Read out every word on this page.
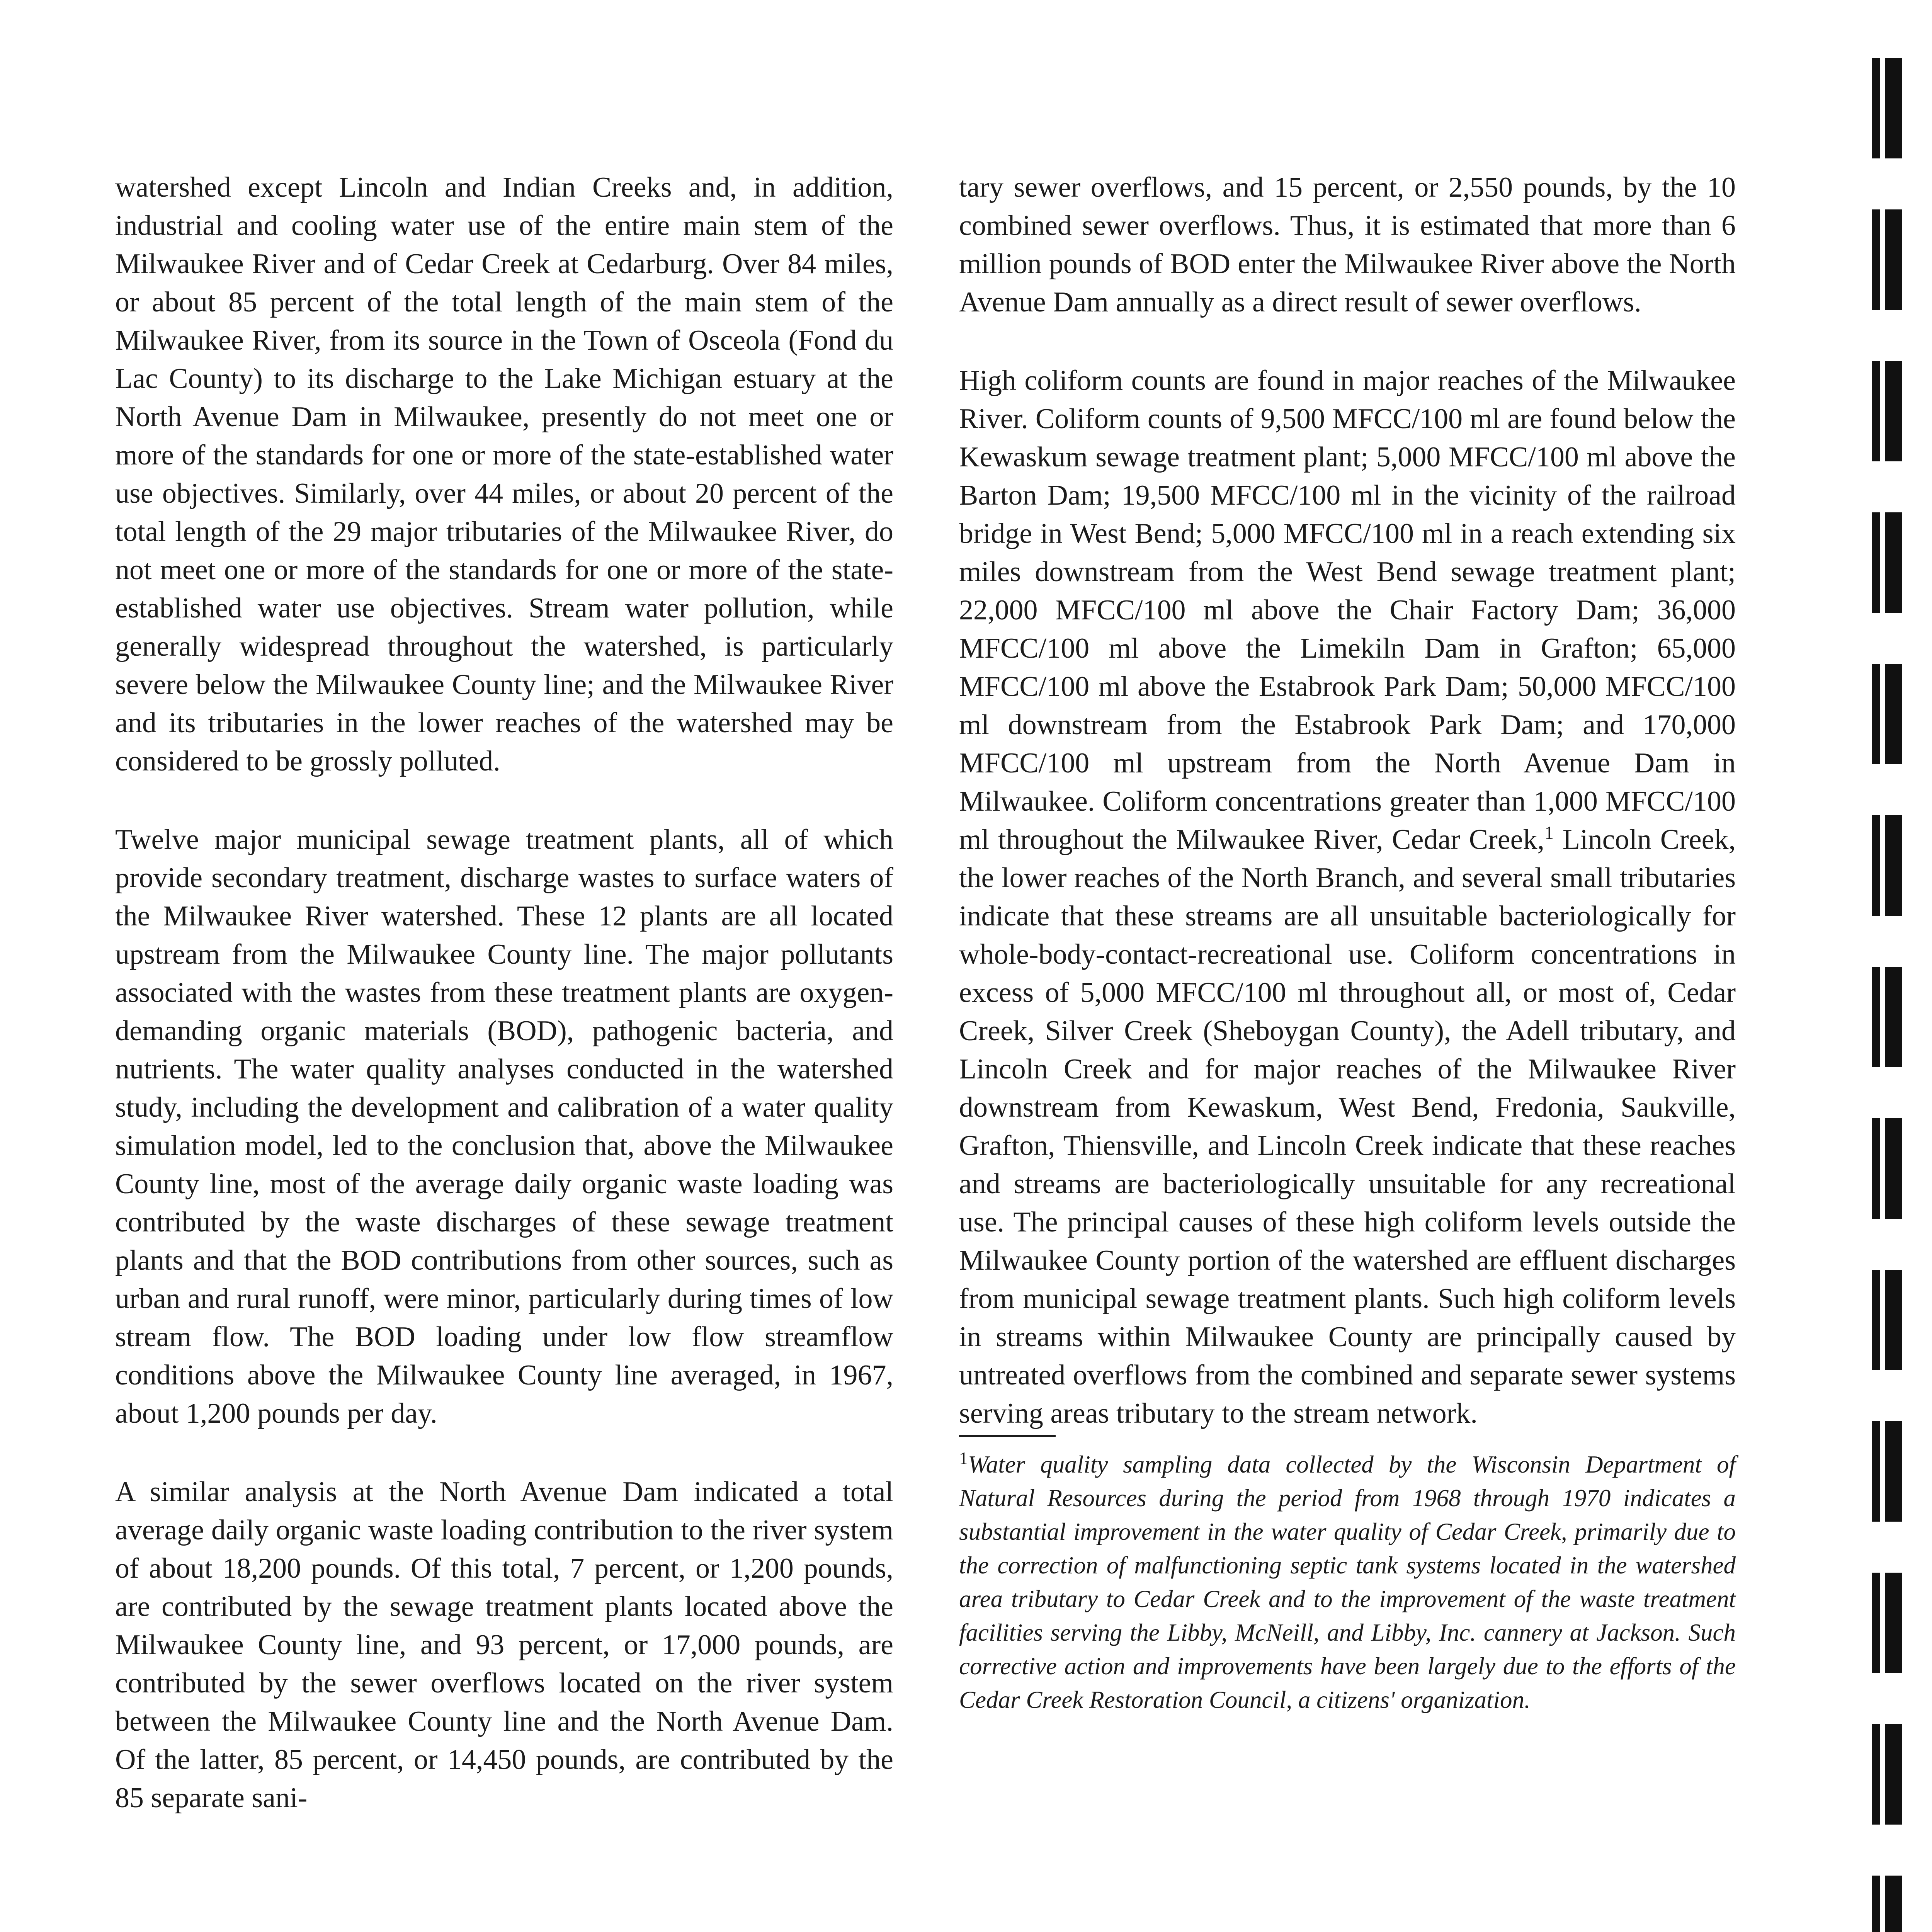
watershed except Lincoln and Indian Creeks and, in addition, industrial and cooling water use of the entire main stem of the Milwaukee River and of Cedar Creek at Cedarburg. Over 84 miles, or about 85 percent of the total length of the main stem of the Milwaukee River, from its source in the Town of Osceola (Fond du Lac County) to its discharge to the Lake Michigan estuary at the North Avenue Dam in Milwaukee, presently do not meet one or more of the standards for one or more of the state-established water use objectives. Similarly, over 44 miles, or about 20 percent of the total length of the 29 major tributaries of the Milwaukee River, do not meet one or more of the standards for one or more of the state-established water use objectives. Stream water pollution, while generally widespread throughout the watershed, is particularly severe below the Milwaukee County line; and the Milwaukee River and its tributaries in the lower reaches of the watershed may be considered to be grossly polluted.

Twelve major municipal sewage treatment plants, all of which provide secondary treatment, discharge wastes to surface waters of the Milwaukee River watershed. These 12 plants are all located upstream from the Milwaukee County line. The major pollutants associated with the wastes from these treatment plants are oxygen-demanding organic materials (BOD), pathogenic bacteria, and nutrients. The water quality analyses conducted in the watershed study, including the development and calibration of a water quality simulation model, led to the conclusion that, above the Milwaukee County line, most of the average daily organic waste loading was contributed by the waste discharges of these sewage treatment plants and that the BOD contributions from other sources, such as urban and rural runoff, were minor, particularly during times of low stream flow. The BOD loading under low flow streamflow conditions above the Milwaukee County line averaged, in 1967, about 1,200 pounds per day.

A similar analysis at the North Avenue Dam indicated a total average daily organic waste loading contribution to the river system of about 18,200 pounds. Of this total, 7 percent, or 1,200 pounds, are contributed by the sewage treatment plants located above the Milwaukee County line, and 93 percent, or 17,000 pounds, are contributed by the sewer overflows located on the river system between the Milwaukee County line and the North Avenue Dam. Of the latter, 85 percent, or 14,450 pounds, are contributed by the 85 separate sani-

tary sewer overflows, and 15 percent, or 2,550 pounds, by the 10 combined sewer overflows. Thus, it is estimated that more than 6 million pounds of BOD enter the Milwaukee River above the North Avenue Dam annually as a direct result of sewer overflows.

High coliform counts are found in major reaches of the Milwaukee River. Coliform counts of 9,500 MFCC/100 ml are found below the Kewaskum sewage treatment plant; 5,000 MFCC/100 ml above the Barton Dam; 19,500 MFCC/100 ml in the vicinity of the railroad bridge in West Bend; 5,000 MFCC/100 ml in a reach extending six miles downstream from the West Bend sewage treatment plant; 22,000 MFCC/100 ml above the Chair Factory Dam; 36,000 MFCC/100 ml above the Limekiln Dam in Grafton; 65,000 MFCC/100 ml above the Estabrook Park Dam; 50,000 MFCC/100 ml downstream from the Estabrook Park Dam; and 170,000 MFCC/100 ml upstream from the North Avenue Dam in Milwaukee. Coliform concentrations greater than 1,000 MFCC/100 ml throughout the Milwaukee River, Cedar Creek,$^1$ Lincoln Creek, the lower reaches of the North Branch, and several small tributaries indicate that these streams are all unsuitable bacteriologically for whole-body-contact-recreational use. Coliform concentrations in excess of 5,000 MFCC/100 ml throughout all, or most of, Cedar Creek, Silver Creek (Sheboygan County), the Adell tributary, and Lincoln Creek and for major reaches of the Milwaukee River downstream from Kewaskum, West Bend, Fredonia, Saukville, Grafton, Thiensville, and Lincoln Creek indicate that these reaches and streams are bacteriologically unsuitable for any recreational use. The principal causes of these high coliform levels outside the Milwaukee County portion of the watershed are effluent discharges from municipal sewage treatment plants. Such high coliform levels in streams within Milwaukee County are principally caused by untreated overflows from the combined and separate sewer systems serving areas tributary to the stream network.

$^1$Water quality sampling data collected by the Wisconsin Department of Natural Resources during the period from 1968 through 1970 indicates a substantial improvement in the water quality of Cedar Creek, primarily due to the correction of malfunctioning septic tank systems located in the watershed area tributary to Cedar Creek and to the improvement of the waste treatment facilities serving the Libby, McNeill, and Libby, Inc. cannery at Jackson. Such corrective action and improvements have been largely due to the efforts of the Cedar Creek Restoration Council, a citizens' organization.
